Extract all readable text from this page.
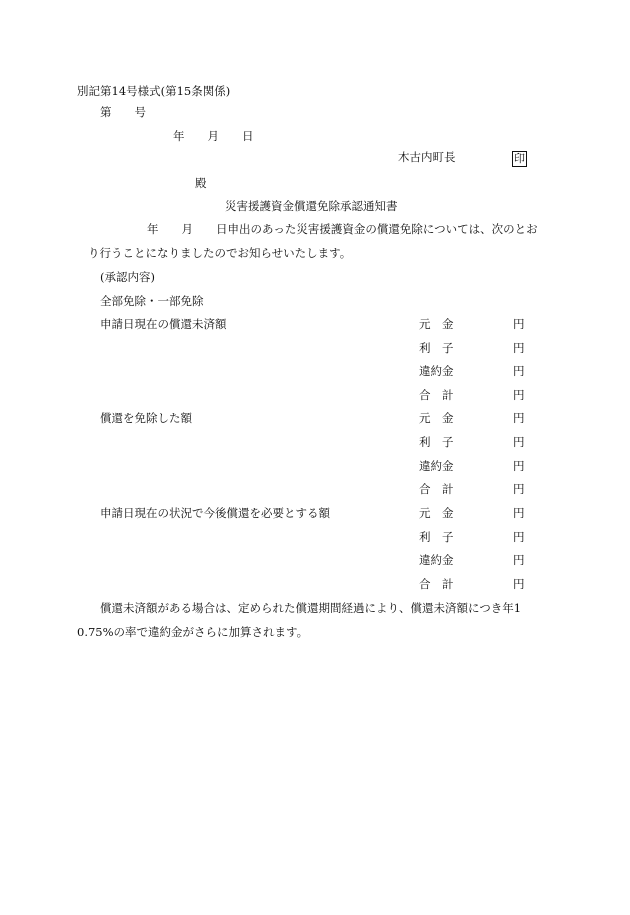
別記第14号様式(第15条関係)
第　　号
年　　月　　日
木古内町長	印
殿
災害援護資金償還免除承認通知書
年　　月　　日申出のあった災害援護資金の償還免除については、次のとお
り行うことになりましたのでお知らせいたします。
(承認内容)
全部免除・一部免除
申請日現在の償還未済額	元　金	円
利　子	円
違約金	円
合　計	円
償還を免除した額	元　金	円
利　子	円
違約金	円
合　計	円
申請日現在の状況で今後償還を必要とする額	元　金	円
利　子	円
違約金	円
合　計	円
償還未済額がある場合は、定められた償還期間経過により、償還未済額につき年1
0.75%の率で違約金がさらに加算されます。
